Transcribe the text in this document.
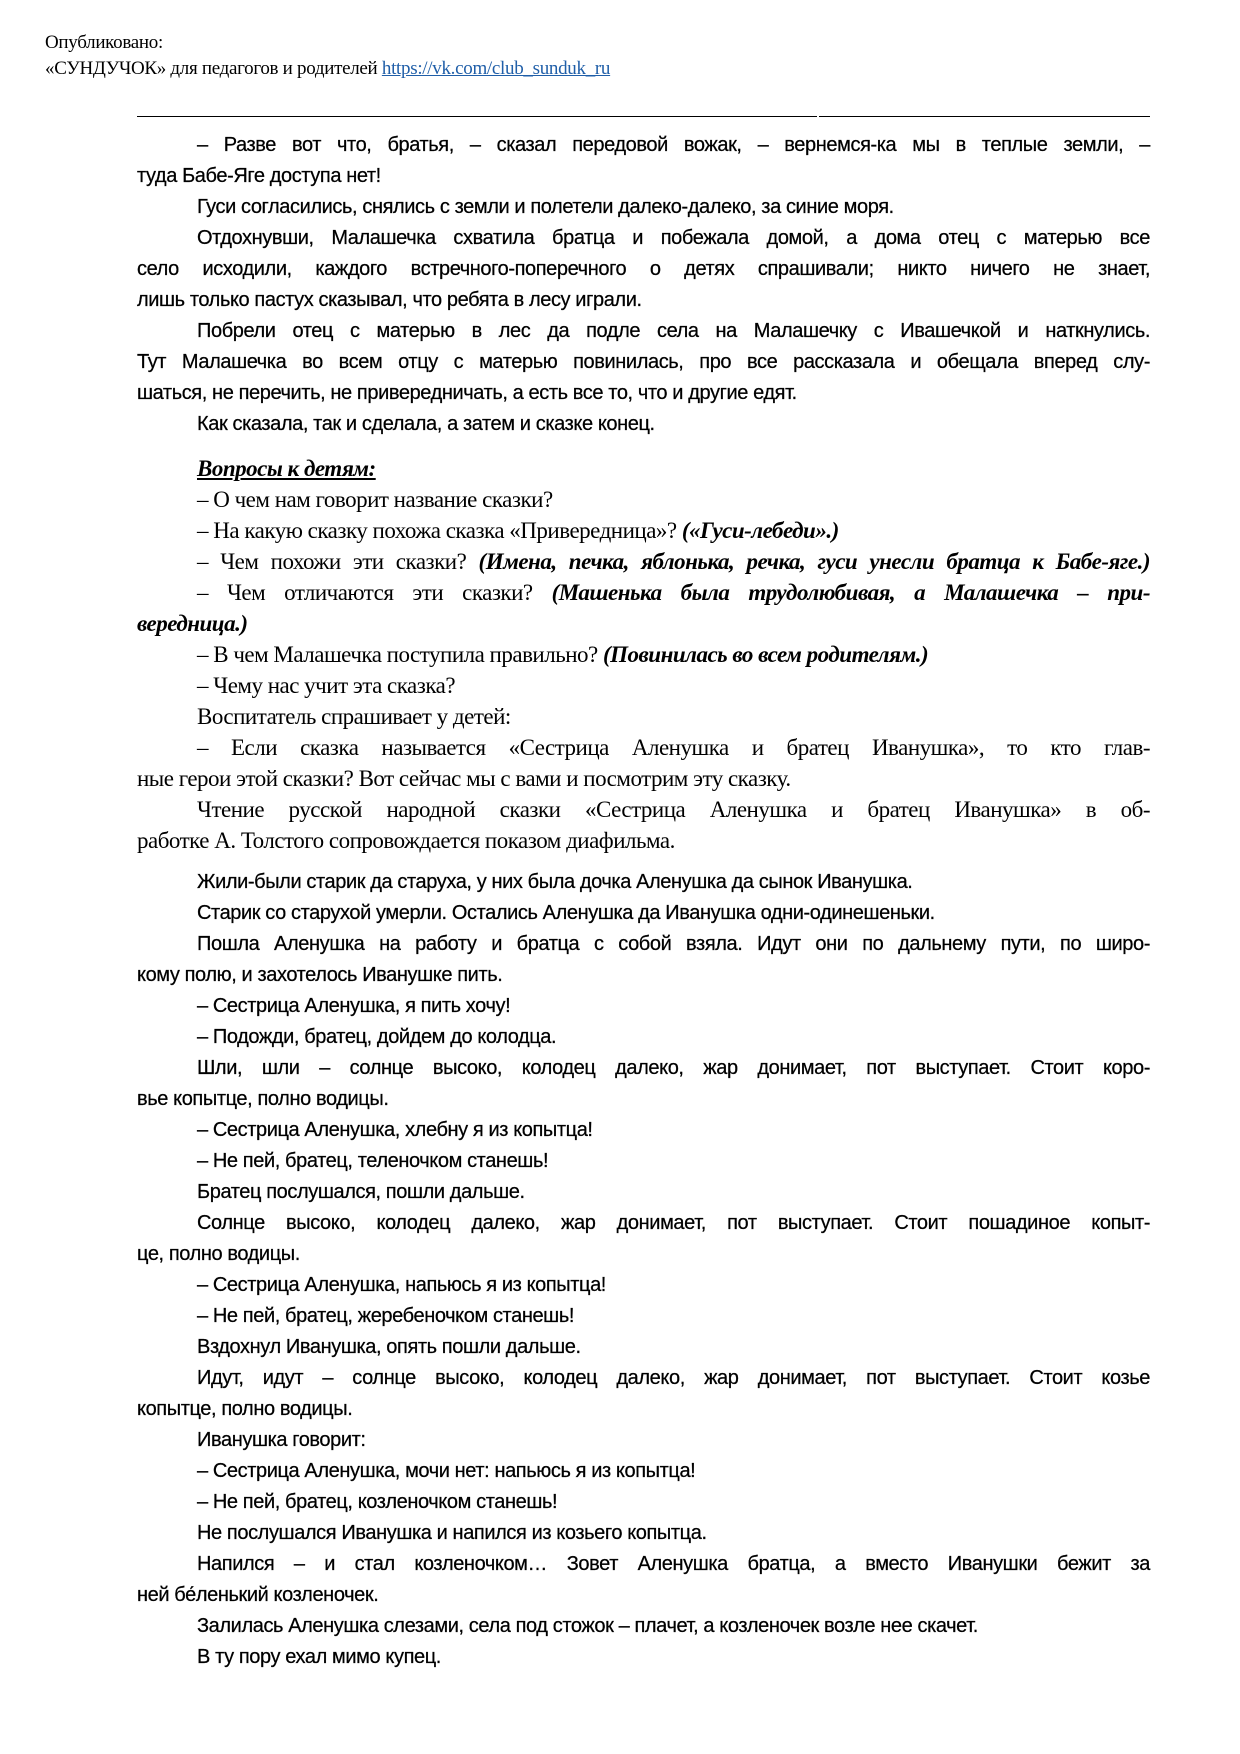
Опубликовано:
«СУНДУЧОК» для педагогов и родителей https://vk.com/club_sunduk_ru
– Разве вот что, братья, – сказал передовой вожак, – вернемся-ка мы в теплые земли, –
туда Бабе-Яге доступа нет!
Гуси согласились, снялись с земли и полетели далеко-далеко, за синие моря.
Отдохнувши, Малашечка схватила братца и побежала домой, а дома отец с матерью все
село исходили, каждого встречного-поперечного о детях спрашивали; никто ничего не знает,
лишь только пастух сказывал, что ребята в лесу играли.
Побрели отец с матерью в лес да подле села на Малашечку с Ивашечкой и наткнулись.
Тут Малашечка во всем отцу с матерью повинилась, про все рассказала и обещала вперед слу-
шаться, не перечить, не привередничать, а есть все то, что и другие едят.
Как сказала, так и сделала, а затем и сказке конец.
Вопросы к детям:
– О чем нам говорит название сказки?
– На какую сказку похожа сказка «Привередница»? («Гуси-лебеди».)
– Чем похожи эти сказки? (Имена, печка, яблонька, речка, гуси унесли братца к Бабе-яге.)
– Чем отличаются эти сказки? (Машенька была трудолюбивая, а Малашечка – при-
вередница.)
– В чем Малашечка поступила правильно? (Повинилась во всем родителям.)
– Чему нас учит эта сказка?
Воспитатель спрашивает у детей:
– Если сказка называется «Сестрица Аленушка и братец Иванушка», то кто глав-
ные герои этой сказки? Вот сейчас мы с вами и посмотрим эту сказку.
Чтение русской народной сказки «Сестрица Аленушка и братец Иванушка» в об-
работке А. Толстого сопровождается показом диафильма.
Жили-были старик да старуха, у них была дочка Аленушка да сынок Иванушка.
Старик со старухой умерли. Остались Аленушка да Иванушка одни-одинешеньки.
Пошла Аленушка на работу и братца с собой взяла. Идут они по дальнему пути, по широ-
кому полю, и захотелось Иванушке пить.
– Сестрица Аленушка, я пить хочу!
– Подожди, братец, дойдем до колодца.
Шли, шли – солнце высоко, колодец далеко, жар донимает, пот выступает. Стоит коро-
вье копытце, полно водицы.
– Сестрица Аленушка, хлебну я из копытца!
– Не пей, братец, теленочком станешь!
Братец послушался, пошли дальше.
Солнце высоко, колодец далеко, жар донимает, пот выступает. Стоит пошадиное копыт-
це, полно водицы.
– Сестрица Аленушка, напьюсь я из копытца!
– Не пей, братец, жеребеночком станешь!
Вздохнул Иванушка, опять пошли дальше.
Идут, идут – солнце высоко, колодец далеко, жар донимает, пот выступает. Стоит козье
копытце, полно водицы.
Иванушка говорит:
– Сестрица Аленушка, мочи нет: напьюсь я из копытца!
– Не пей, братец, козленочком станешь!
Не послушался Иванушка и напился из козьего копытца.
Напился – и стал козленочком… Зовет Аленушка братца, а вместо Иванушки бежит за
ней бе́ленький козленочек.
Залилась Аленушка слезами, села под стожок – плачет, а козленочек возле нее скачет.
В ту пору ехал мимо купец.
